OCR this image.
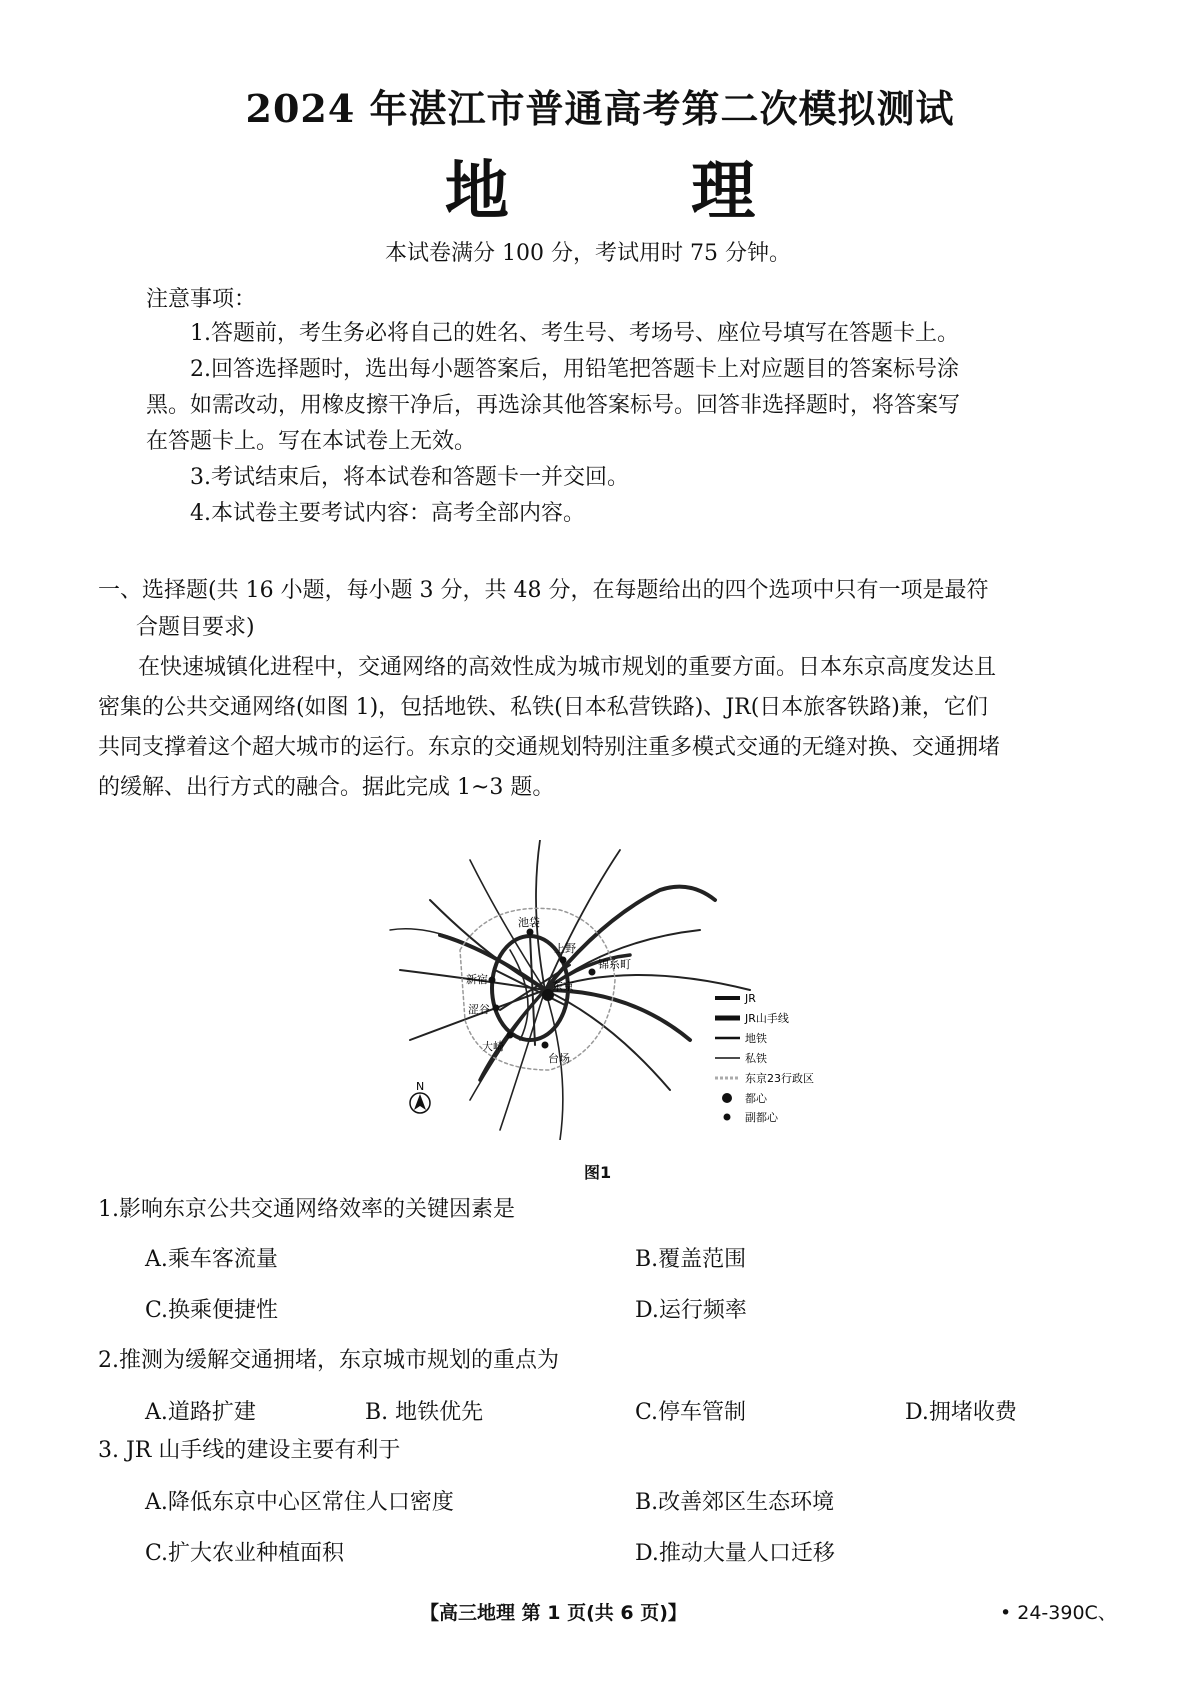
2024 年湛江市普通高考第二次模拟测试
地 理
本试卷满分 100 分，考试用时 75 分钟。
注意事项：
1.答题前，考生务必将自己的姓名、考生号、考场号、座位号填写在答题卡上。
2.回答选择题时，选出每小题答案后，用铅笔把答题卡上对应题目的答案标号涂
黑。如需改动，用橡皮擦干净后，再选涂其他答案标号。回答非选择题时，将答案写
在答题卡上。写在本试卷上无效。
3.考试结束后，将本试卷和答题卡一并交回。
4.本试卷主要考试内容：高考全部内容。
一、选择题(共 16 小题，每小题 3 分，共 48 分，在每题给出的四个选项中只有一项是最符
合题目要求)
在快速城镇化进程中，交通网络的高效性成为城市规划的重要方面。日本东京高度发达且
密集的公共交通网络(如图 1)，包括地铁、私铁(日本私营铁路)、JR(日本旅客铁路)兼，它们
共同支撑着这个超大城市的运行。东京的交通规划特别注重多模式交通的无缝对换、交通拥堵
的缓解、出行方式的融合。据此完成 1~3 题。
池袋
新宿
涩谷
东京
上野
锦糸町
大崎
台场
N
JR
JR山手线
地铁
私铁
东京23行政区
都心
副都心
图1
1.影响东京公共交通网络效率的关键因素是
A.乘车客流量	B.覆盖范围
C.换乘便捷性	D.运行频率
2.推测为缓解交通拥堵，东京城市规划的重点为
A.道路扩建	B. 地铁优先	C.停车管制	D.拥堵收费
3. JR 山手线的建设主要有利于
A.降低东京中心区常住人口密度	B.改善郊区生态环境
C.扩大农业种植面积	D.推动大量人口迁移
【高三地理 第 1 页(共 6 页)】	• 24-390C、
